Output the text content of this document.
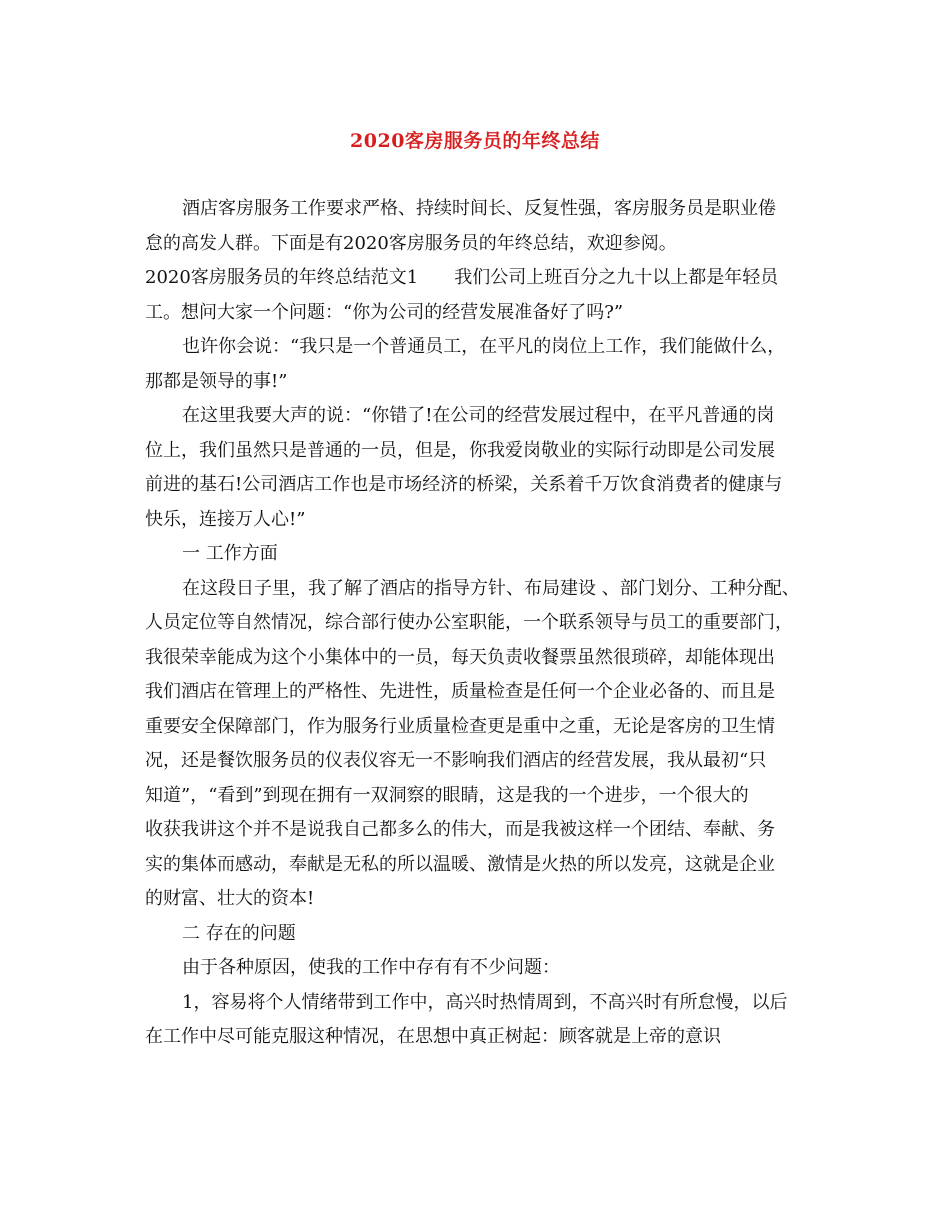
2020客房服务员的年终总结
酒店客房服务工作要求严格、持续时间长、反复性强，客房服务员是职业倦
怠的高发人群。下面是有2020客房服务员的年终总结，欢迎参阅。
2020客房服务员的年终总结范文1 我们公司上班百分之九十以上都是年轻员
工。想问大家一个问题：“你为公司的经营发展准备好了吗?”
也许你会说：“我只是一个普通员工，在平凡的岗位上工作，我们能做什么，
那都是领导的事!”
在这里我要大声的说：“你错了!在公司的经营发展过程中，在平凡普通的岗
位上，我们虽然只是普通的一员，但是，你我爱岗敬业的实际行动即是公司发展
前进的基石!公司酒店工作也是市场经济的桥梁，关系着千万饮食消费者的健康与
快乐，连接万人心!”
一 工作方面
在这段日子里，我了解了酒店的指导方针、布局建设 、部门划分、工种分配、
人员定位等自然情况，综合部行使办公室职能，一个联系领导与员工的重要部门，
我很荣幸能成为这个小集体中的一员，每天负责收餐票虽然很琐碎，却能体现出
我们酒店在管理上的严格性、先进性，质量检查是任何一个企业必备的、而且是
重要安全保障部门，作为服务行业质量检查更是重中之重，无论是客房的卫生情
况，还是餐饮服务员的仪表仪容无一不影响我们酒店的经营发展，我从最初“只
知道”，“看到”到现在拥有一双洞察的眼睛，这是我的一个进步，一个很大的
收获我讲这个并不是说我自己都多么的伟大，而是我被这样一个团结、奉献、务
实的集体而感动，奉献是无私的所以温暖、激情是火热的所以发亮，这就是企业
的财富、壮大的资本!
二 存在的问题
由于各种原因，使我的工作中存有有不少问题：
1，容易将个人情绪带到工作中，高兴时热情周到，不高兴时有所怠慢，以后
在工作中尽可能克服这种情况，在思想中真正树起：顾客就是上帝的意识
